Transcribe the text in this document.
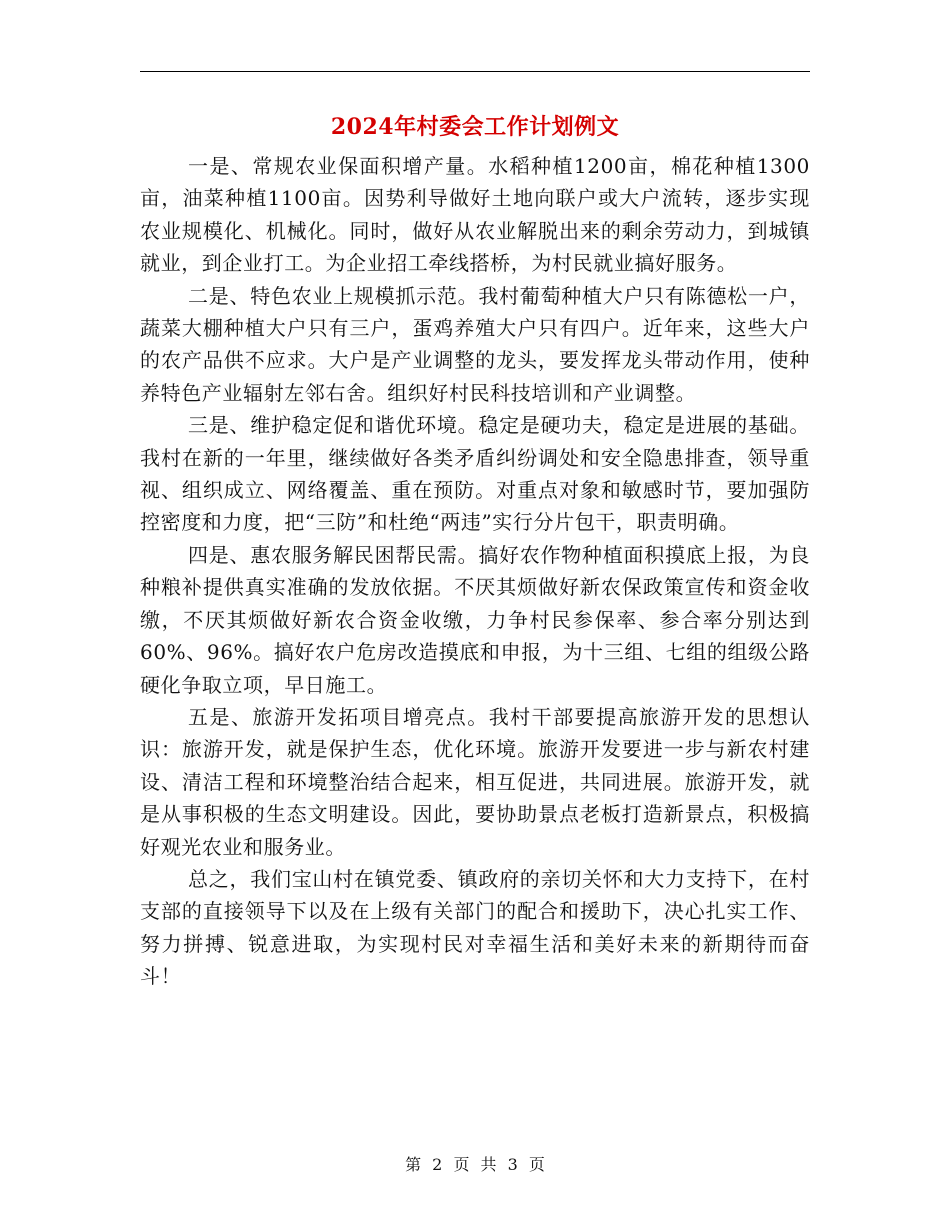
2024年村委会工作计划例文

一是、常规农业保面积增产量。水稻种植1200亩，棉花种植1300亩，油菜种植1100亩。因势利导做好土地向联户或大户流转，逐步实现农业规模化、机械化。同时，做好从农业解脱出来的剩余劳动力，到城镇就业，到企业打工。为企业招工牵线搭桥，为村民就业搞好服务。

二是、特色农业上规模抓示范。我村葡萄种植大户只有陈德松一户，蔬菜大棚种植大户只有三户，蛋鸡养殖大户只有四户。近年来，这些大户的农产品供不应求。大户是产业调整的龙头，要发挥龙头带动作用，使种养特色产业辐射左邻右舍。组织好村民科技培训和产业调整。

三是、维护稳定促和谐优环境。稳定是硬功夫，稳定是进展的基础。我村在新的一年里，继续做好各类矛盾纠纷调处和安全隐患排查，领导重视、组织成立、网络覆盖、重在预防。对重点对象和敏感时节，要加强防控密度和力度，把“三防”和杜绝“两违”实行分片包干，职责明确。

四是、惠农服务解民困帮民需。搞好农作物种植面积摸底上报，为良种粮补提供真实准确的发放依据。不厌其烦做好新农保政策宣传和资金收缴，不厌其烦做好新农合资金收缴，力争村民参保率、参合率分别达到60%、96%。搞好农户危房改造摸底和申报，为十三组、七组的组级公路硬化争取立项，早日施工。

五是、旅游开发拓项目增亮点。我村干部要提高旅游开发的思想认识：旅游开发，就是保护生态，优化环境。旅游开发要进一步与新农村建设、清洁工程和环境整治结合起来，相互促进，共同进展。旅游开发，就是从事积极的生态文明建设。因此，要协助景点老板打造新景点，积极搞好观光农业和服务业。

总之，我们宝山村在镇党委、镇政府的亲切关怀和大力支持下，在村支部的直接领导下以及在上级有关部门的配合和援助下，决心扎实工作、努力拼搏、锐意进取，为实现村民对幸福生活和美好未来的新期待而奋斗！

第 2 页 共 3 页
